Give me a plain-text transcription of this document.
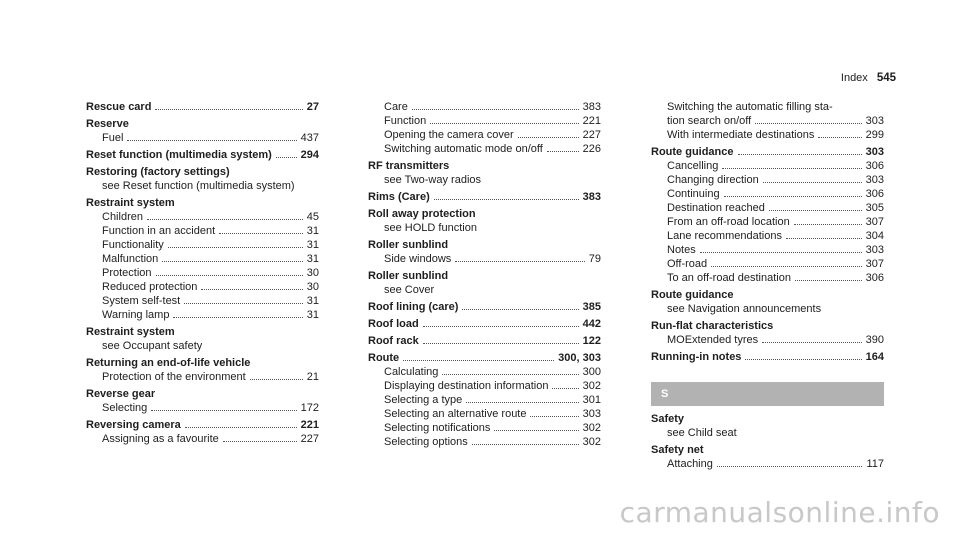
Index 545
Rescue card	27
Reserve
Fuel	437
Reset function (multimedia system)	294
Restoring (factory settings)
see Reset function (multimedia system)
Restraint system
Children	45
Function in an accident	31
Functionality	31
Malfunction	31
Protection	30
Reduced protection	30
System self-test	31
Warning lamp	31
Restraint system
see Occupant safety
Returning an end-of-life vehicle
Protection of the environment	21
Reverse gear
Selecting	172
Reversing camera	221
Assigning as a favourite	227
Care	383
Function	221
Opening the camera cover	227
Switching automatic mode on/off	226
RF transmitters
see Two-way radios
Rims (Care)	383
Roll away protection
see HOLD function
Roller sunblind
Side windows	79
Roller sunblind
see Cover
Roof lining (care)	385
Roof load	442
Roof rack	122
Route	300, 303
Calculating	300
Displaying destination information	302
Selecting a type	301
Selecting an alternative route	303
Selecting notifications	302
Selecting options	302
Switching the automatic filling sta-
tion search on/off	303
With intermediate destinations	299
Route guidance	303
Cancelling	306
Changing direction	303
Continuing	306
Destination reached	305
From an off-road location	307
Lane recommendations	304
Notes	303
Off-road	307
To an off-road destination	306
Route guidance
see Navigation announcements
Run-flat characteristics
MOExtended tyres	390
Running-in notes	164
S
Safety
see Child seat
Safety net
Attaching	117
carmanualsonline.info
